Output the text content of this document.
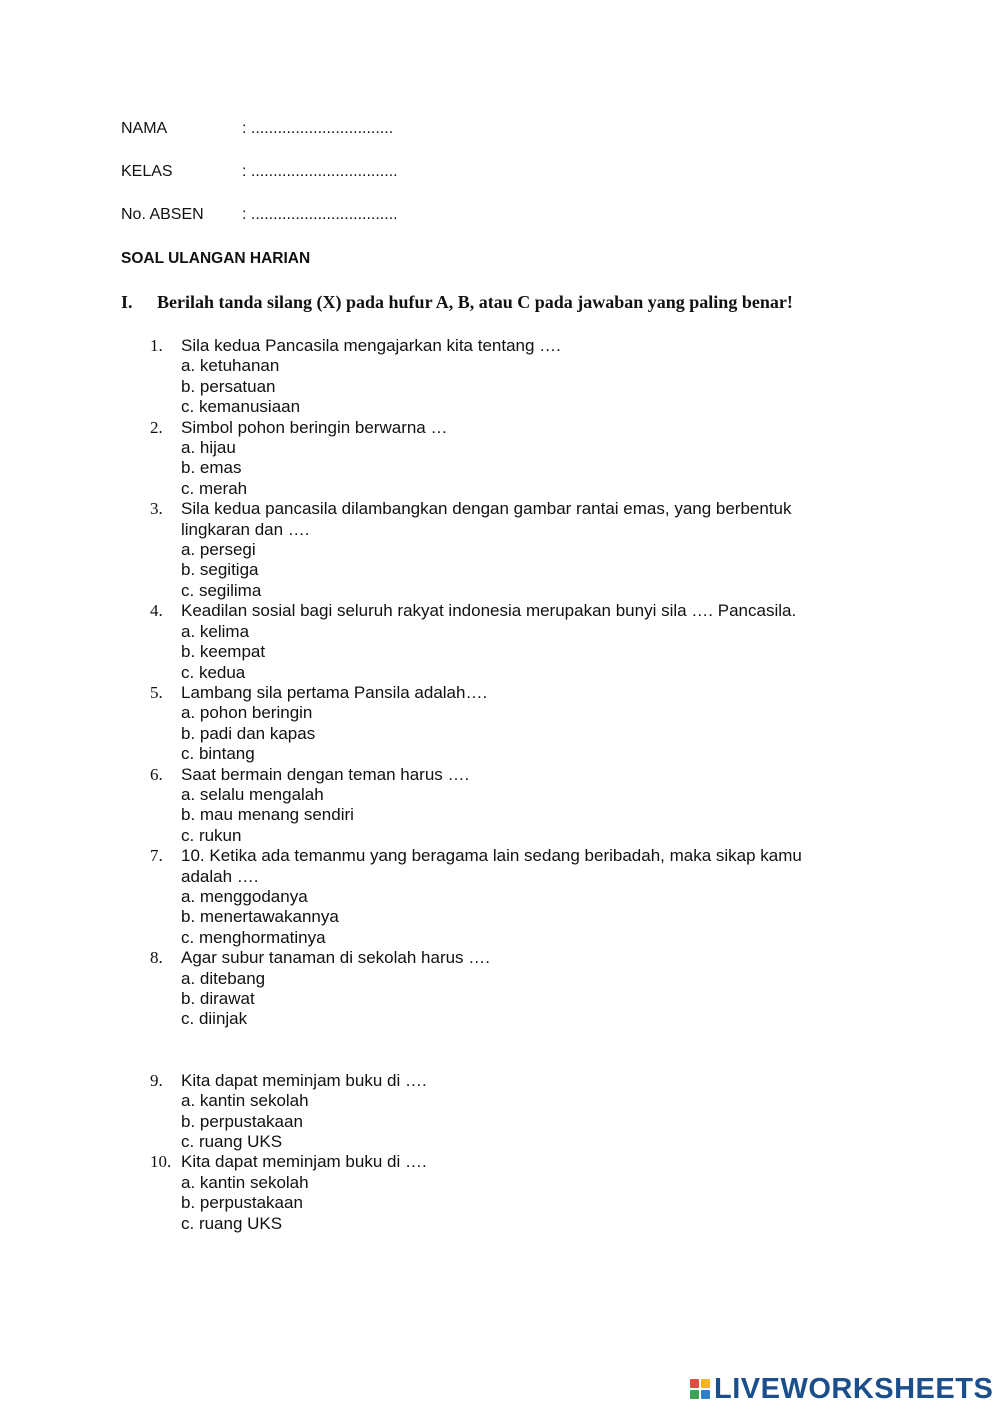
NAMA	: ................................
KELAS	: .................................
No. ABSEN : .................................
SOAL ULANGAN HARIAN
I. Berilah tanda silang (X) pada hufur A, B, atau C pada jawaban yang paling benar!
1. Sila kedua Pancasila mengajarkan kita tentang ….
a. ketuhanan
b. persatuan
c. kemanusiaan
2. Simbol pohon beringin berwarna …
a. hijau
b. emas
c. merah
3. Sila kedua pancasila dilambangkan dengan gambar rantai emas, yang berbentuk
lingkaran dan ….
a. persegi
b. segitiga
c. segilima
4. Keadilan sosial bagi seluruh rakyat indonesia merupakan bunyi sila …. Pancasila.
a. kelima
b. keempat
c. kedua
5. Lambang sila pertama Pansila adalah….
a. pohon beringin
b. padi dan kapas
c. bintang
6. Saat bermain dengan teman harus ….
a. selalu mengalah
b. mau menang sendiri
c. rukun
7. 10. Ketika ada temanmu yang beragama lain sedang beribadah, maka sikap kamu
adalah ….
a. menggodanya
b. menertawakannya
c. menghormatinya
8. Agar subur tanaman di sekolah harus ….
a. ditebang
b. dirawat
c. diinjak
9. Kita dapat meminjam buku di ….
a. kantin sekolah
b. perpustakaan
c. ruang UKS
10. Kita dapat meminjam buku di ….
a. kantin sekolah
b. perpustakaan
c. ruang UKS
LIVEWORKSHEETS
